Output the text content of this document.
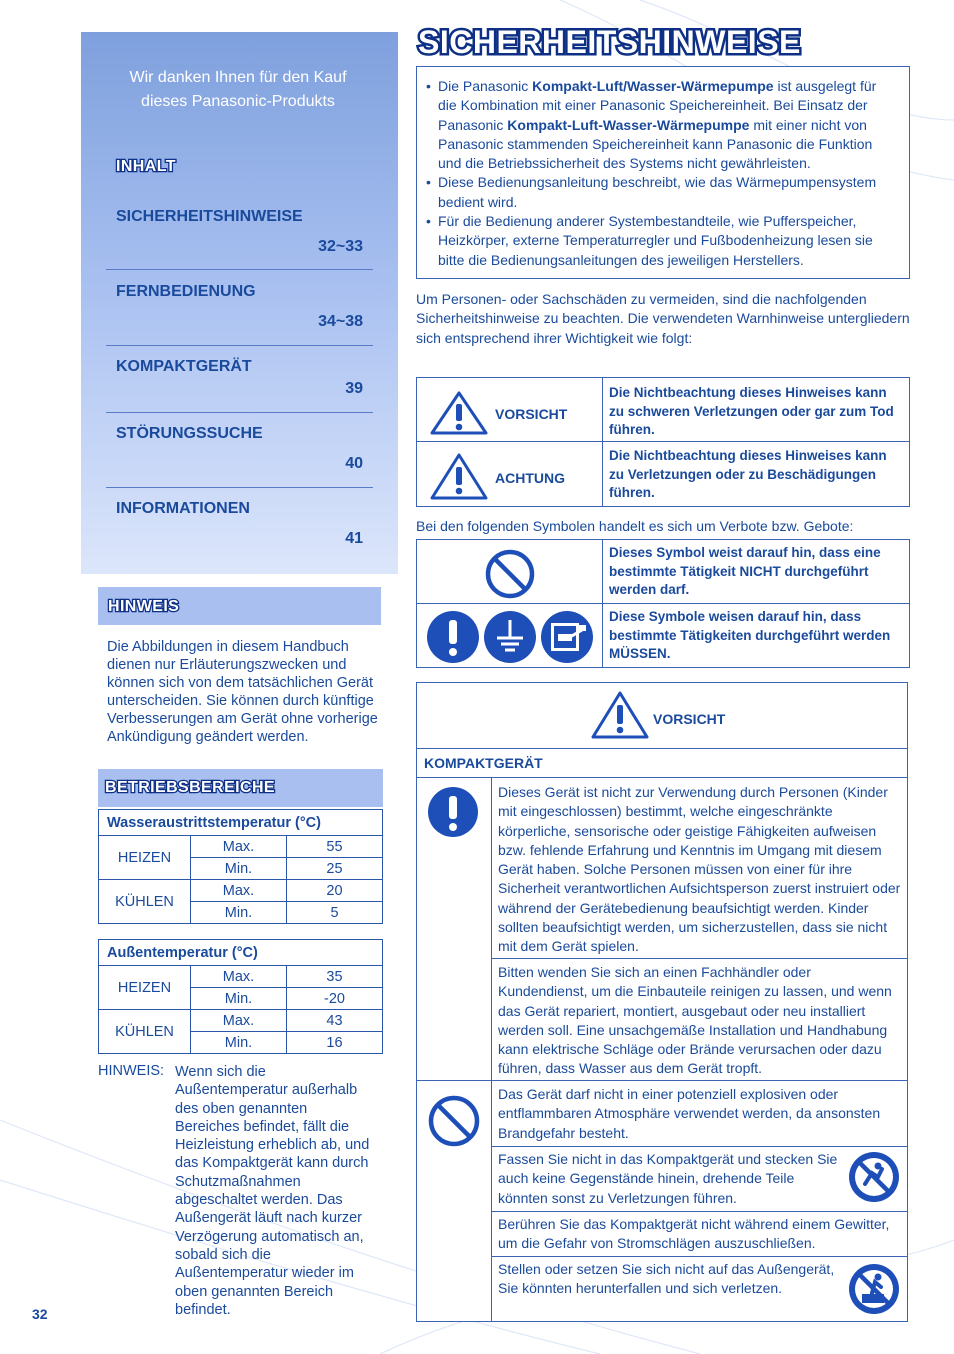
Wir danken Ihnen für den Kauf
dieses Panasonic-Produkts
INHALT
SICHERHEITSHINWEISE
32~33
FERNBEDIENUNG
34~38
KOMPAKTGERÄT
39
STÖRUNGSSUCHE
40
INFORMATIONEN
41
HINWEIS
Die Abbildungen in diesem Handbuch dienen nur Erläuterungszwecken und können sich von dem tatsächlichen Gerät unterscheiden. Sie können durch künftige Verbesserungen am Gerät ohne vorherige Ankündigung geändert werden.
BETRIEBSBEREICHE
Wasseraustrittstemperatur (°C)		
HEIZEN	Max.	55
	Min.	25
KÜHLEN	Max.	20
	Min.	5
Außentemperatur (°C)		
HEIZEN	Max.	35
	Min.	-20
KÜHLEN	Max.	43
	Min.	16
HINWEIS: Wenn sich die Außentemperatur außerhalb des oben genannten Bereiches befindet, fällt die Heizleistung erheblich ab, und das Kompaktgerät kann durch Schutzmaßnahmen abgeschaltet werden. Das Außengerät läuft nach kurzer Verzögerung automatisch an, sobald sich die Außentemperatur wieder im oben genannten Bereich befindet.
32
SICHERHEITSHINWEISE
• Die Panasonic Kompakt-Luft/Wasser-Wärmepumpe ist ausgelegt für die Kombination mit einer Panasonic Speichereinheit. Bei Einsatz der Panasonic Kompakt-Luft-Wasser-Wärmepumpe mit einer nicht von Panasonic stammenden Speichereinheit kann Panasonic die Funktion und die Betriebssicherheit des Systems nicht gewährleisten.
• Diese Bedienungsanleitung beschreibt, wie das Wärmepumpensystem bedient wird.
• Für die Bedienung anderer Systembestandteile, wie Pufferspeicher, Heizkörper, externe Temperaturregler und Fußbodenheizung lesen sie bitte die Bedienungsanleitungen des jeweiligen Herstellers.
Um Personen- oder Sachschäden zu vermeiden, sind die nachfolgenden Sicherheitshinweise zu beachten. Die verwendeten Warnhinweise untergliedern sich entsprechend ihrer Wichtigkeit wie folgt:
VORSICHT
Die Nichtbeachtung dieses Hinweises kann zu schweren Verletzungen oder gar zum Tod führen.
ACHTUNG
Die Nichtbeachtung dieses Hinweises kann zu Verletzungen oder zu Beschädigungen führen.
Bei den folgenden Symbolen handelt es sich um Verbote bzw. Gebote:
Dieses Symbol weist darauf hin, dass eine bestimmte Tätigkeit NICHT durchgeführt werden darf.
Diese Symbole weisen darauf hin, dass bestimmte Tätigkeiten durchgeführt werden MÜSSEN.
VORSICHT
KOMPAKTGERÄT
Dieses Gerät ist nicht zur Verwendung durch Personen (Kinder mit eingeschlossen) bestimmt, welche eingeschränkte körperliche, sensorische oder geistige Fähigkeiten aufweisen bzw. fehlende Erfahrung und Kenntnis im Umgang mit diesem Gerät haben. Solche Personen müssen von einer für ihre Sicherheit verantwortlichen Aufsichtsperson zuerst instruiert oder während der Gerätebedienung beaufsichtigt werden. Kinder sollten beaufsichtigt werden, um sicherzustellen, dass sie nicht mit dem Gerät spielen.
Bitten wenden Sie sich an einen Fachhändler oder Kundendienst, um die Einbauteile reinigen zu lassen, und wenn das Gerät repariert, montiert, ausgebaut oder neu installiert werden soll. Eine unsachgemäße Installation und Handhabung kann elektrische Schläge oder Brände verursachen oder dazu führen, dass Wasser aus dem Gerät tropft.
Das Gerät darf nicht in einer potenziell explosiven oder entflammbaren Atmosphäre verwendet werden, da ansonsten Brandgefahr besteht.
Fassen Sie nicht in das Kompaktgerät und stecken Sie auch keine Gegenstände hinein, drehende Teile könnten sonst zu Verletzungen führen.
Berühren Sie das Kompaktgerät nicht während einem Gewitter, um die Gefahr von Stromschlägen auszuschließen.
Stellen oder setzen Sie sich nicht auf das Außengerät, Sie könnten herunterfallen und sich verletzen.
